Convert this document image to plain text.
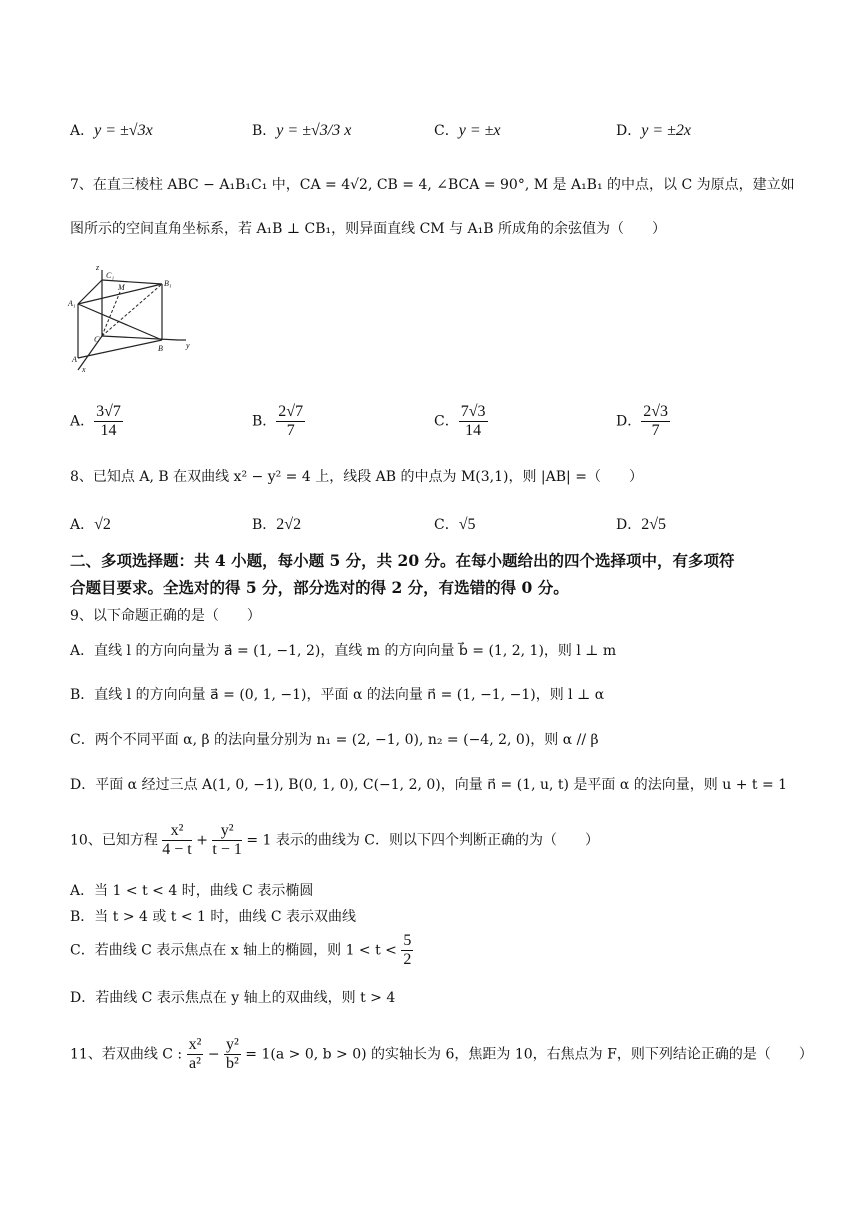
A．y = ±√3x	B．y = ±√3/3 x	C．y = ±x	D．y = ±2x
7、在直三棱柱 ABC − A₁B₁C₁ 中，CA = 4√2, CB = 4, ∠BCA = 90°, M 是 A₁B₁ 的中点，以 C 为原点，建立如
图所示的空间直角坐标系，若 A₁B ⊥ CB₁，则异面直线 CM 与 A₁B 所成角的余弦值为（　　）
z
C₁
M	B₁
A₁
C
B
A
y
x
A． $\frac{3√7}{14}$	B． $\frac{2√7}{7}$	C． $\frac{7√3}{14}$	D． $\frac{2√3}{7}$
8、已知点 A, B 在双曲线 x² − y² = 4 上，线段 AB 的中点为 M(3,1)，则 |AB| =（　　）
A．√2	B．2√2	C．√5	D．2√5
二、多项选择题：共 4 小题，每小题 5 分，共 20 分。在每小题给出的四个选择项中，有多项符
合题目要求。全选对的得 5 分，部分选对的得 2 分，有选错的得 0 分。
9、以下命题正确的是（　　）
A．直线 l 的方向向量为 a⃗ = (1, −1, 2)，直线 m 的方向向量 b⃗ = (1, 2, 1)，则 l ⊥ m
B．直线 l 的方向向量 a⃗ = (0, 1, −1)，平面 α 的法向量 n⃗ = (1, −1, −1)，则 l ⊥ α
C．两个不同平面 α, β 的法向量分别为 n₁ = (2, −1, 0), n₂ = (−4, 2, 0)，则 α // β
D．平面 α 经过三点 A(1, 0, −1), B(0, 1, 0), C(−1, 2, 0)，向量 n⃗ = (1, u, t) 是平面 α 的法向量，则 u + t = 1
10、已知方程 $\frac{\text{x²}}{4 - t} + \frac{\text{y²}}{t - 1} = 1$ 表示的曲线为 C．则以下四个判断正确的为（　　）
A．当 1 < t < 4 时，曲线 C 表示椭圆
B．当 t > 4 或 t < 1 时，曲线 C 表示双曲线
C．若曲线 C 表示焦点在 x 轴上的椭圆，则 $1 < t < \frac{5}{2}$
D．若曲线 C 表示焦点在 y 轴上的双曲线，则 t > 4
11、若双曲线 C : $\frac{\text{x²}}{\text{a²}} - \frac{\text{y²}}{\text{b²}} = 1(a > 0$, b > 0) 的实轴长为 6，焦距为 10，右焦点为 F，则下列结论正确的是（　　）
